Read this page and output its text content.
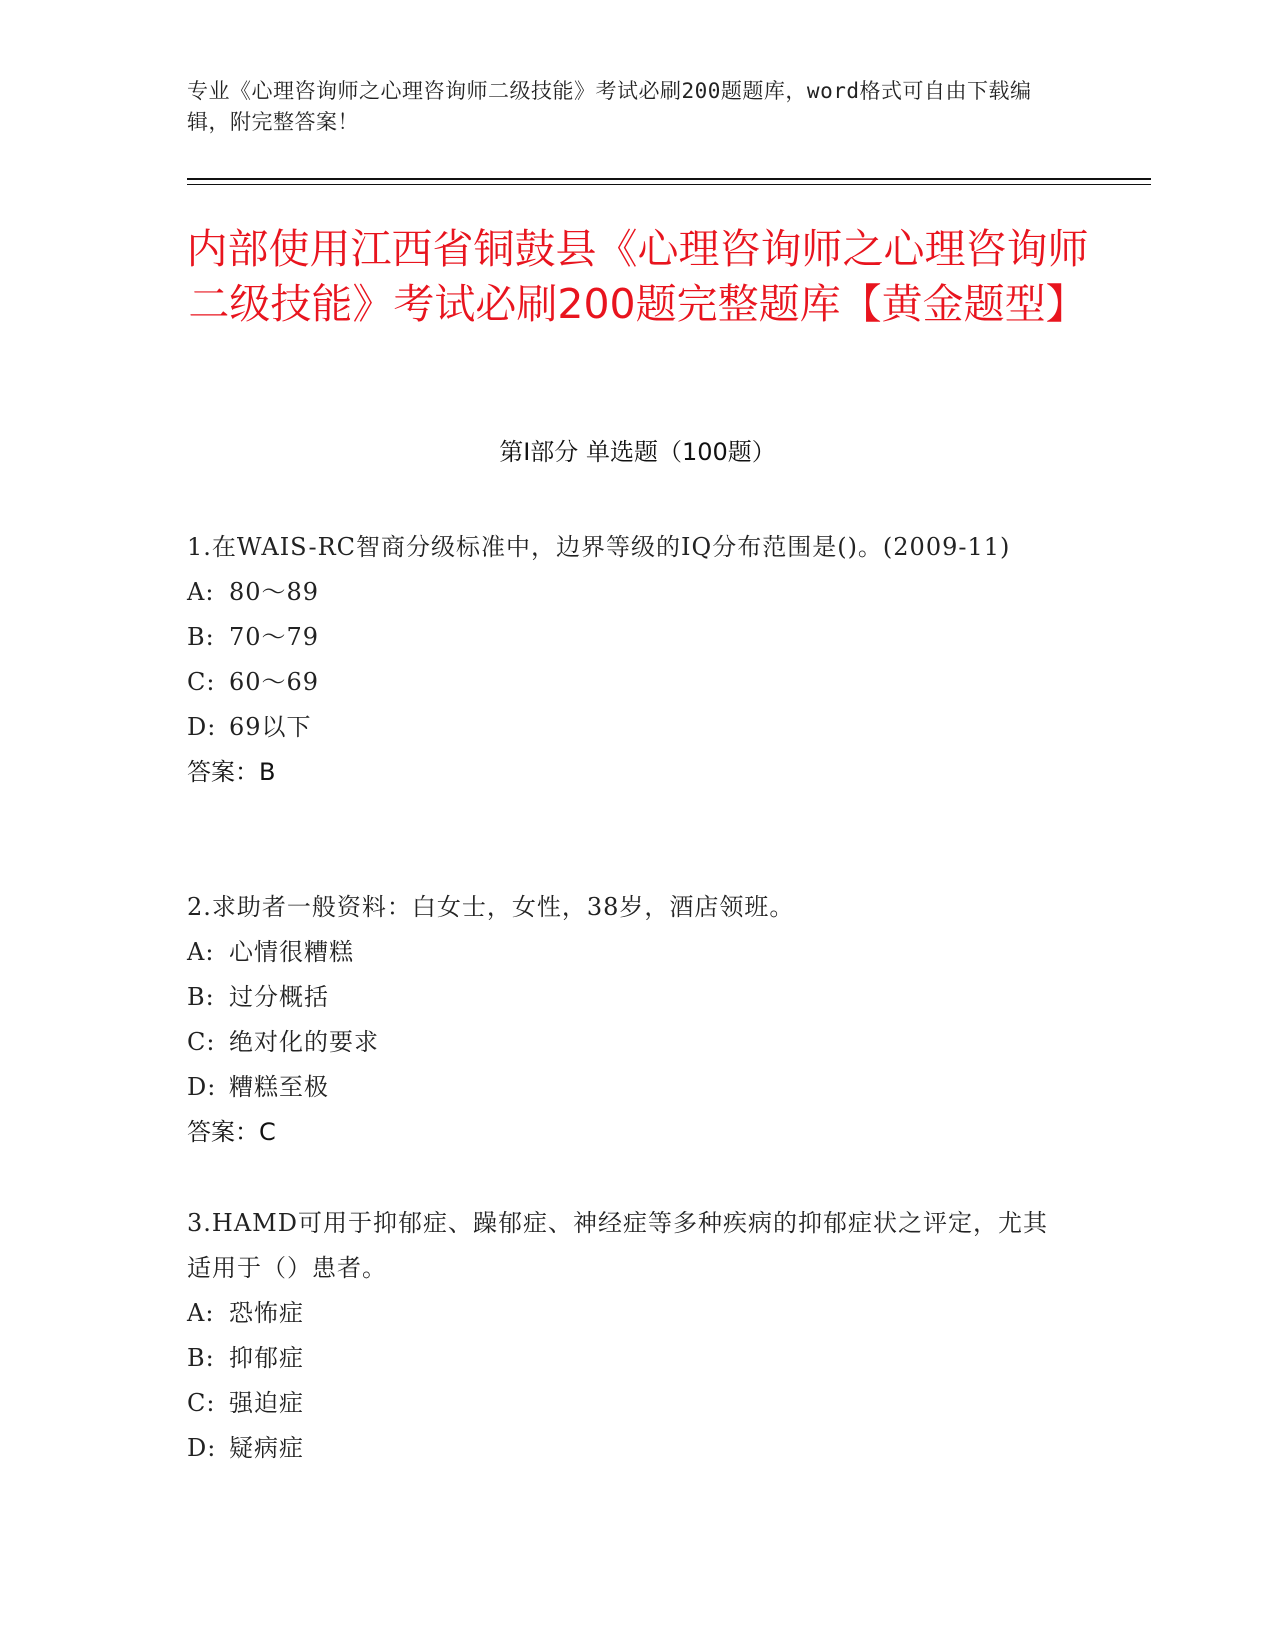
专业《心理咨询师之心理咨询师二级技能》考试必刷200题题库，word格式可自由下载编辑，附完整答案！
内部使用江西省铜鼓县《心理咨询师之心理咨询师二级技能》考试必刷200题完整题库【黄金题型】
第Ⅰ部分 单选题（100题）
1.在WAIS-RC智商分级标准中，边界等级的IQ分布范围是()。(2009-11)
A: 80～89
B: 70～79
C: 60～69
D: 69以下
答案：B
2.求助者一般资料：白女士，女性，38岁，酒店领班。
A: 心情很糟糕
B: 过分概括
C: 绝对化的要求
D: 糟糕至极
答案：C
3.HAMD可用于抑郁症、躁郁症、神经症等多种疾病的抑郁症状之评定，尤其适用于（）患者。
A: 恐怖症
B: 抑郁症
C: 强迫症
D: 疑病症
